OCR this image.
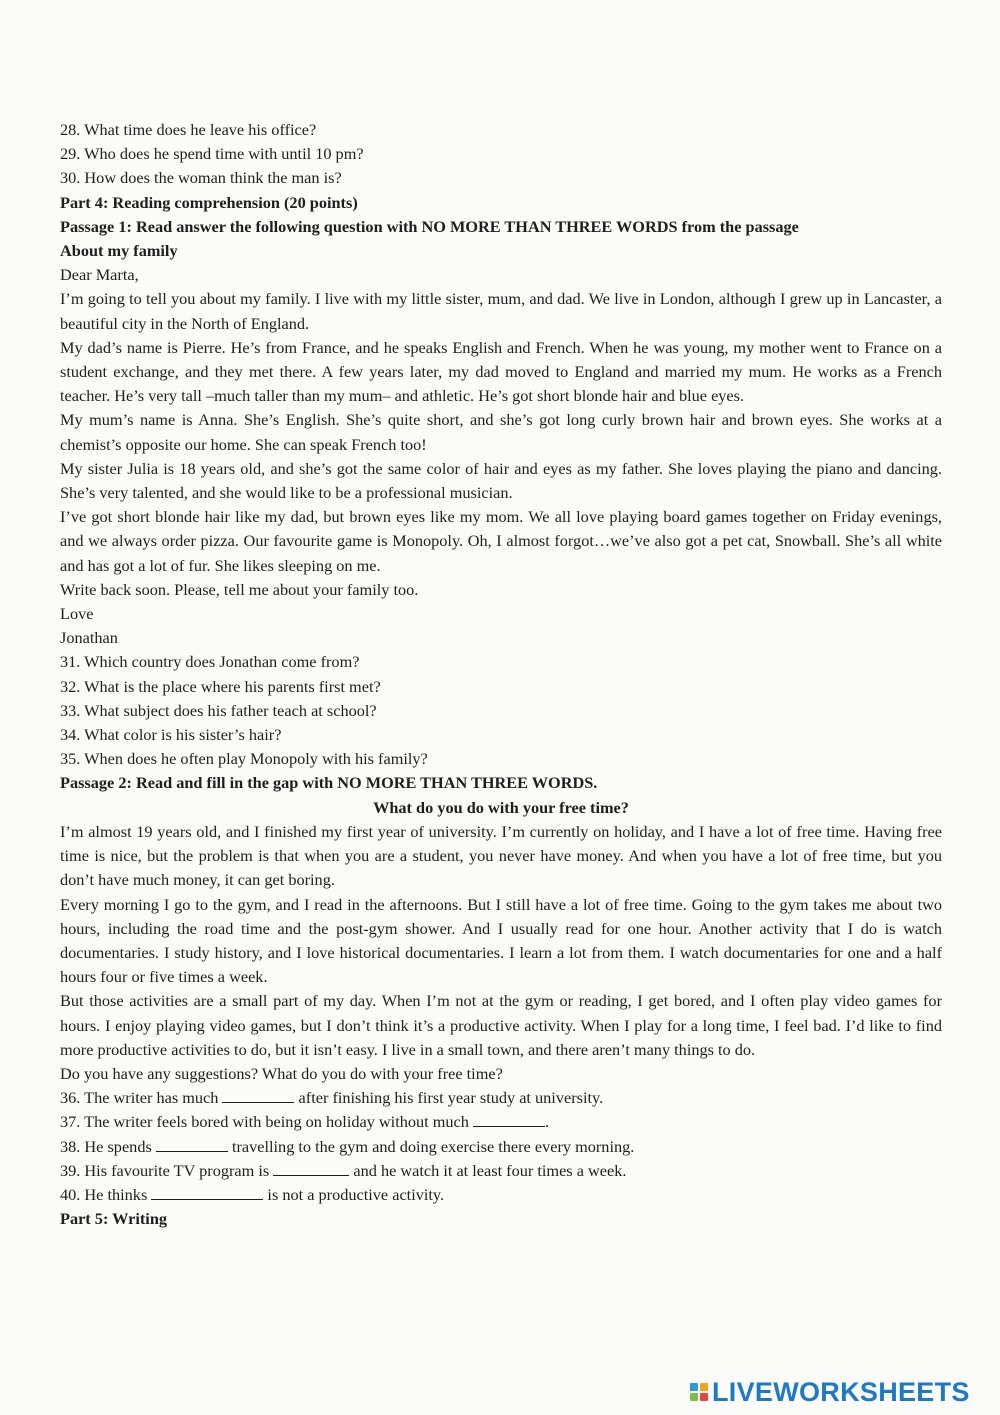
28. What time does he leave his office?
29. Who does he spend time with until 10 pm?
30. How does the woman think the man is?
Part 4: Reading comprehension (20 points)
Passage 1: Read answer the following question with NO MORE THAN THREE WORDS from the passage
About my family
Dear Marta,
I’m going to tell you about my family. I live with my little sister, mum, and dad. We live in London, although I grew up in Lancaster, a beautiful city in the North of England.
My dad’s name is Pierre. He’s from France, and he speaks English and French. When he was young, my mother went to France on a student exchange, and they met there. A few years later, my dad moved to England and married my mum. He works as a French teacher. He’s very tall –much taller than my mum– and athletic. He’s got short blonde hair and blue eyes.
My mum’s name is Anna. She’s English. She’s quite short, and she’s got long curly brown hair and brown eyes. She works at a chemist’s opposite our home. She can speak French too!
My sister Julia is 18 years old, and she’s got the same color of hair and eyes as my father. She loves playing the piano and dancing. She’s very talented, and she would like to be a professional musician.
I’ve got short blonde hair like my dad, but brown eyes like my mom. We all love playing board games together on Friday evenings, and we always order pizza. Our favourite game is Monopoly. Oh, I almost forgot…we’ve also got a pet cat, Snowball. She’s all white and has got a lot of fur. She likes sleeping on me.
Write back soon. Please, tell me about your family too.
Love
Jonathan
31. Which country does Jonathan come from?
32. What is the place where his parents first met?
33. What subject does his father teach at school?
34. What color is his sister’s hair?
35. When does he often play Monopoly with his family?
Passage 2: Read and fill in the gap with NO MORE THAN THREE WORDS.
What do you do with your free time?
I’m almost 19 years old, and I finished my first year of university. I’m currently on holiday, and I have a lot of free time. Having free time is nice, but the problem is that when you are a student, you never have money. And when you have a lot of free time, but you don’t have much money, it can get boring.
Every morning I go to the gym, and I read in the afternoons. But I still have a lot of free time. Going to the gym takes me about two hours, including the road time and the post-gym shower. And I usually read for one hour. Another activity that I do is watch documentaries. I study history, and I love historical documentaries. I learn a lot from them. I watch documentaries for one and a half hours four or five times a week.
But those activities are a small part of my day. When I’m not at the gym or reading, I get bored, and I often play video games for hours. I enjoy playing video games, but I don’t think it’s a productive activity. When I play for a long time, I feel bad. I’d like to find more productive activities to do, but it isn’t easy. I live in a small town, and there aren’t many things to do.
Do you have any suggestions? What do you do with your free time?
36. The writer has much	after finishing his first year study at university.
37. The writer feels bored with being on holiday without much	.
38. He spends	travelling to the gym and doing exercise there every morning.
39. His favourite TV program is	and he watch it at least four times a week.
40. He thinks	is not a productive activity.
Part 5: Writing
LIVEWORKSHEETS
